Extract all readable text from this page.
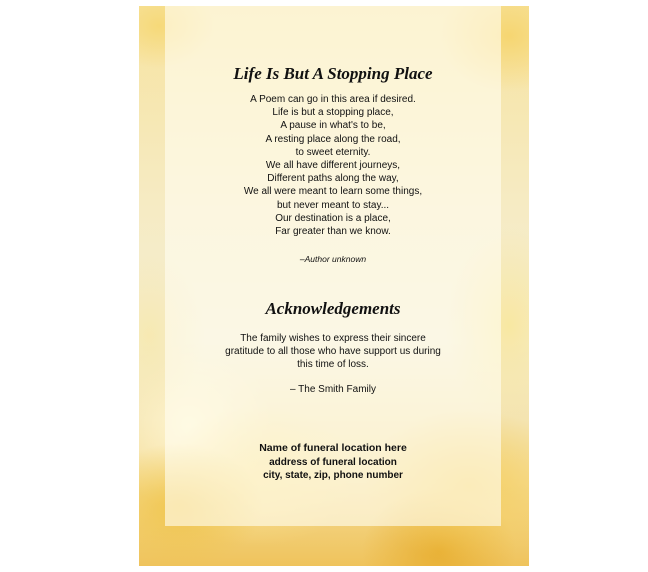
Life Is But A Stopping Place
A Poem can go in this area if desired.
Life is but a stopping place,
A pause in what's to be,
A resting place along the road,
to sweet eternity.
We all have different journeys,
Different paths along the way,
We all were meant to learn some things,
but never meant to stay...
Our destination is a place,
Far greater than we know.

–Author unknown

Acknowledgements
The family wishes to express their sincere
gratitude to all those who have support us during
this time of loss.

– The Smith Family

Name of funeral location here
address of funeral location
city, state, zip, phone number
